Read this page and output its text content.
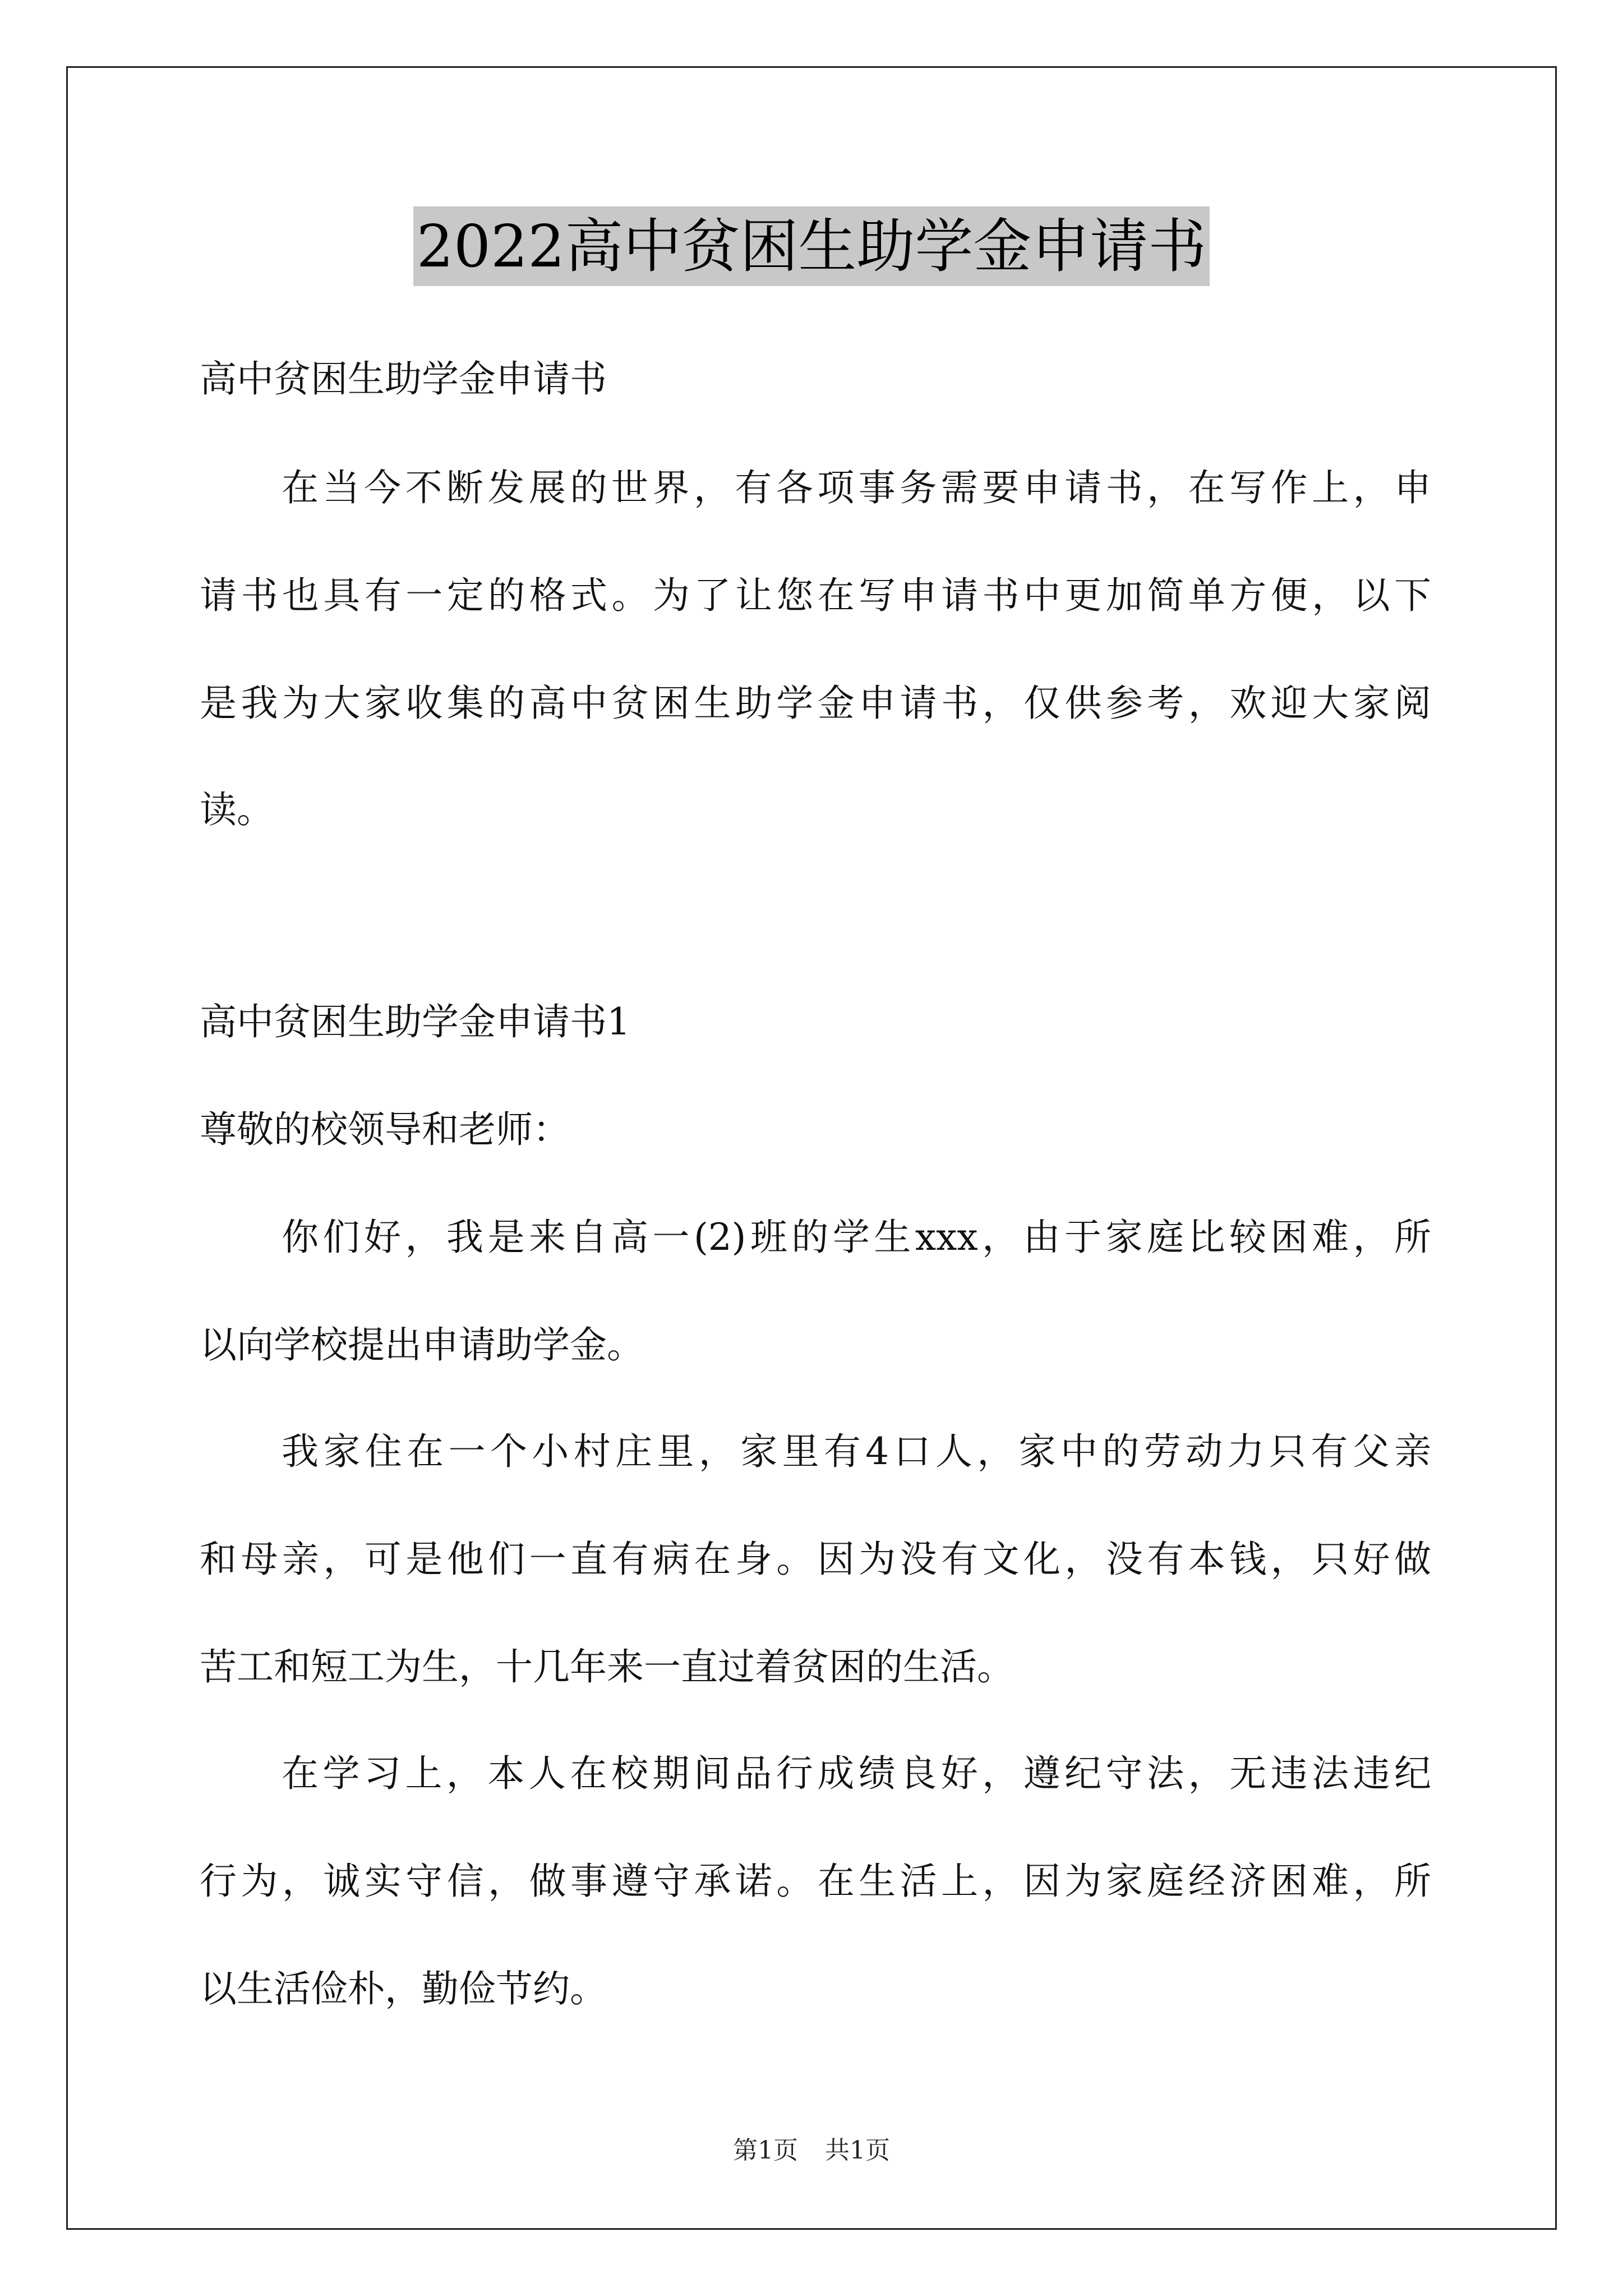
2022高中贫困生助学金申请书
高中贫困生助学金申请书
在当今不断发展的世界，有各项事务需要申请书，在写作上，申
请书也具有一定的格式。为了让您在写申请书中更加简单方便，以下
是我为大家收集的高中贫困生助学金申请书，仅供参考，欢迎大家阅
读。
高中贫困生助学金申请书1
尊敬的校领导和老师：
你们好，我是来自高一(2)班的学生xxx，由于家庭比较困难，所
以向学校提出申请助学金。
我家住在一个小村庄里，家里有4口人，家中的劳动力只有父亲
和母亲，可是他们一直有病在身。因为没有文化，没有本钱，只好做
苦工和短工为生，十几年来一直过着贫困的生活。
在学习上，本人在校期间品行成绩良好，遵纪守法，无违法违纪
行为，诚实守信，做事遵守承诺。在生活上，因为家庭经济困难，所
以生活俭朴，勤俭节约。
第1页 共1页
